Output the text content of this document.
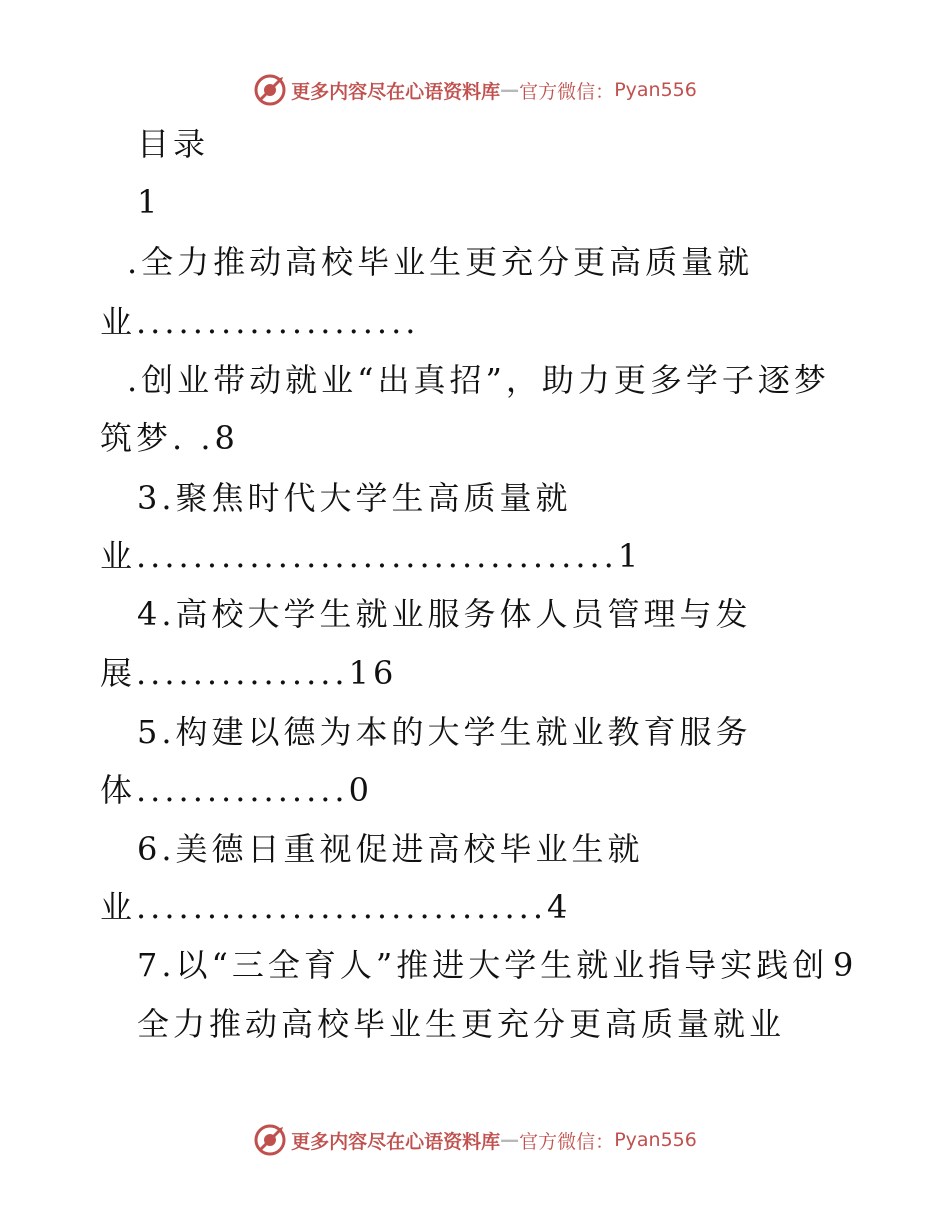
更多内容尽在心语资料库 — 官方微信： Pyan556
目录
1
.全力推动高校毕业生更充分更高质量就
业....................
.创业带动就业“出真招”，助力更多学子逐梦
筑梦. .8
3.聚焦时代大学生高质量就
业..................................1
4.高校大学生就业服务体人员管理与发
展...............16
5.构建以德为本的大学生就业教育服务
体...............0
6.美德日重视促进高校毕业生就
业.............................4
7.以“三全育人”推进大学生就业指导实践创 9
全力推动高校毕业生更充分更高质量就业
更多内容尽在心语资料库 — 官方微信： Pyan556
